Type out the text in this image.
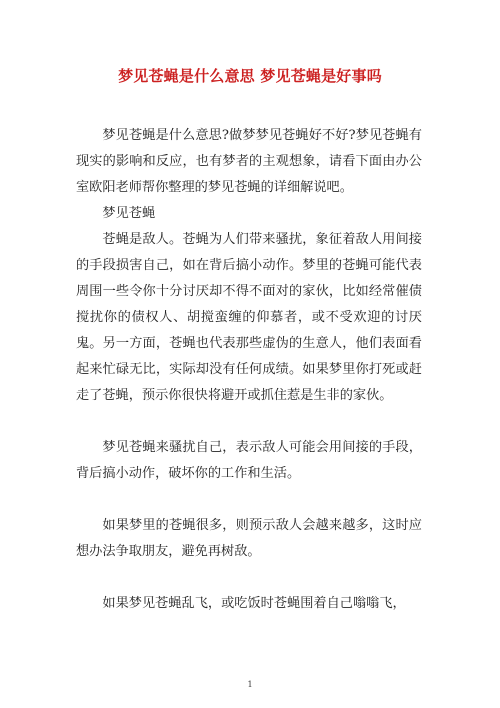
梦见苍蝇是什么意思 梦见苍蝇是好事吗

梦见苍蝇是什么意思?做梦梦见苍蝇好不好?梦见苍蝇有现实的影响和反应，也有梦者的主观想象，请看下面由办公室欧阳老师帮你整理的梦见苍蝇的详细解说吧。

梦见苍蝇

苍蝇是敌人。苍蝇为人们带来骚扰，象征着敌人用间接的手段损害自己，如在背后搞小动作。梦里的苍蝇可能代表周围一些令你十分讨厌却不得不面对的家伙，比如经常催债搅扰你的债权人、胡搅蛮缠的仰慕者，或不受欢迎的讨厌鬼。另一方面，苍蝇也代表那些虚伪的生意人，他们表面看起来忙碌无比，实际却没有任何成绩。如果梦里你打死或赶走了苍蝇，预示你很快将避开或抓住惹是生非的家伙。

梦见苍蝇来骚扰自己，表示敌人可能会用间接的手段，背后搞小动作，破坏你的工作和生活。

如果梦里的苍蝇很多，则预示敌人会越来越多，这时应想办法争取朋友，避免再树敌。

如果梦见苍蝇乱飞，或吃饭时苍蝇围着自己嗡嗡飞，

1
